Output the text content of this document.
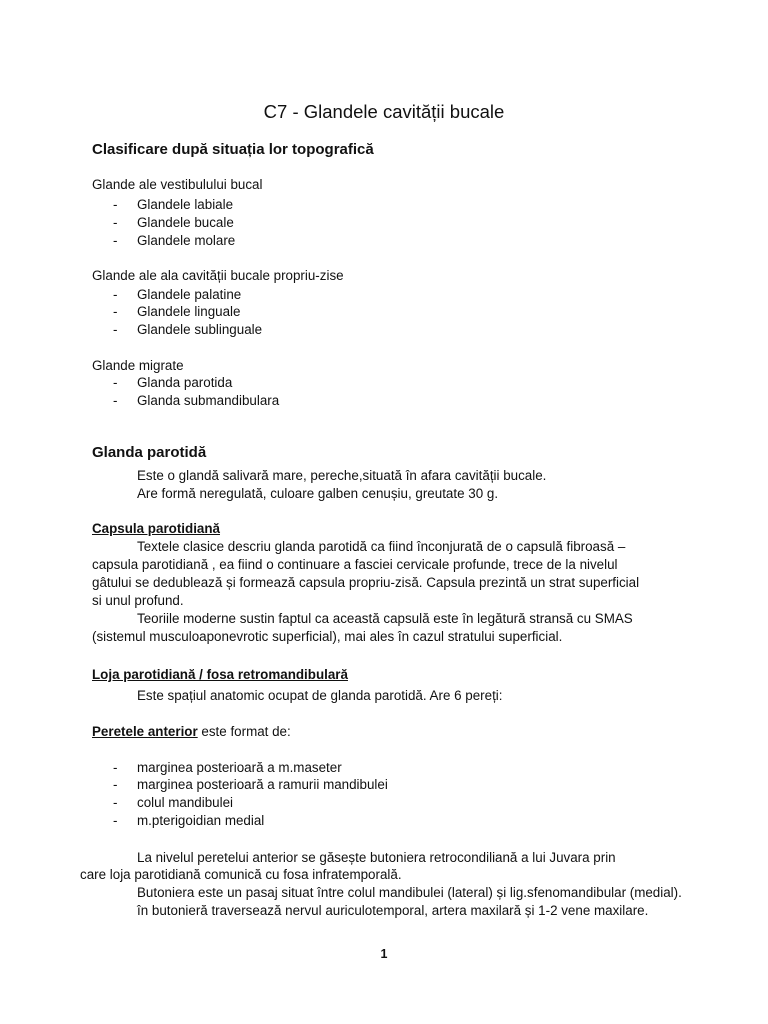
C7 - Glandele cavității bucale
Clasificare după situația lor topografică
Glande ale vestibulului bucal
- Glandele labiale
- Glandele bucale
- Glandele molare
Glande ale ala cavității bucale propriu-zise
- Glandele palatine
- Glandele linguale
- Glandele sublinguale
Glande migrate
- Glanda parotida
- Glanda submandibulara
Glanda parotidă
Este o glandă salivară mare, pereche,situată în afara cavității bucale.
Are formă neregulată, culoare galben cenușiu, greutate 30 g.
Capsula parotidiană
Textele clasice descriu glanda parotidă ca fiind înconjurată de o capsulă fibroasă –
capsula parotidiană , ea fiind o continuare a fasciei cervicale profunde, trece de la nivelul
gâtului se dedublează și formează capsula propriu-zisă. Capsula prezintă un strat superficial
si unul profund.
Teoriile moderne sustin faptul ca această capsulă este în legătură stransă cu SMAS
(sistemul musculoaponevrotic superficial), mai ales în cazul stratului superficial.
Loja parotidiană / fosa retromandibulară
Este spațiul anatomic ocupat de glanda parotidă. Are 6 pereți:
Peretele anterior este format de:
- marginea posterioară a m.maseter
- marginea posterioară a ramurii mandibulei
- colul mandibulei
- m.pterigoidian medial
La nivelul peretelui anterior se găsește butoniera retrocondiliană a lui Juvara prin
care loja parotidiană comunică cu fosa infratemporală.
Butoniera este un pasaj situat între colul mandibulei (lateral) și lig.sfenomandibular (medial).
în butonieră traversează nervul auriculotemporal, artera maxilară și 1-2 vene maxilare.
1
